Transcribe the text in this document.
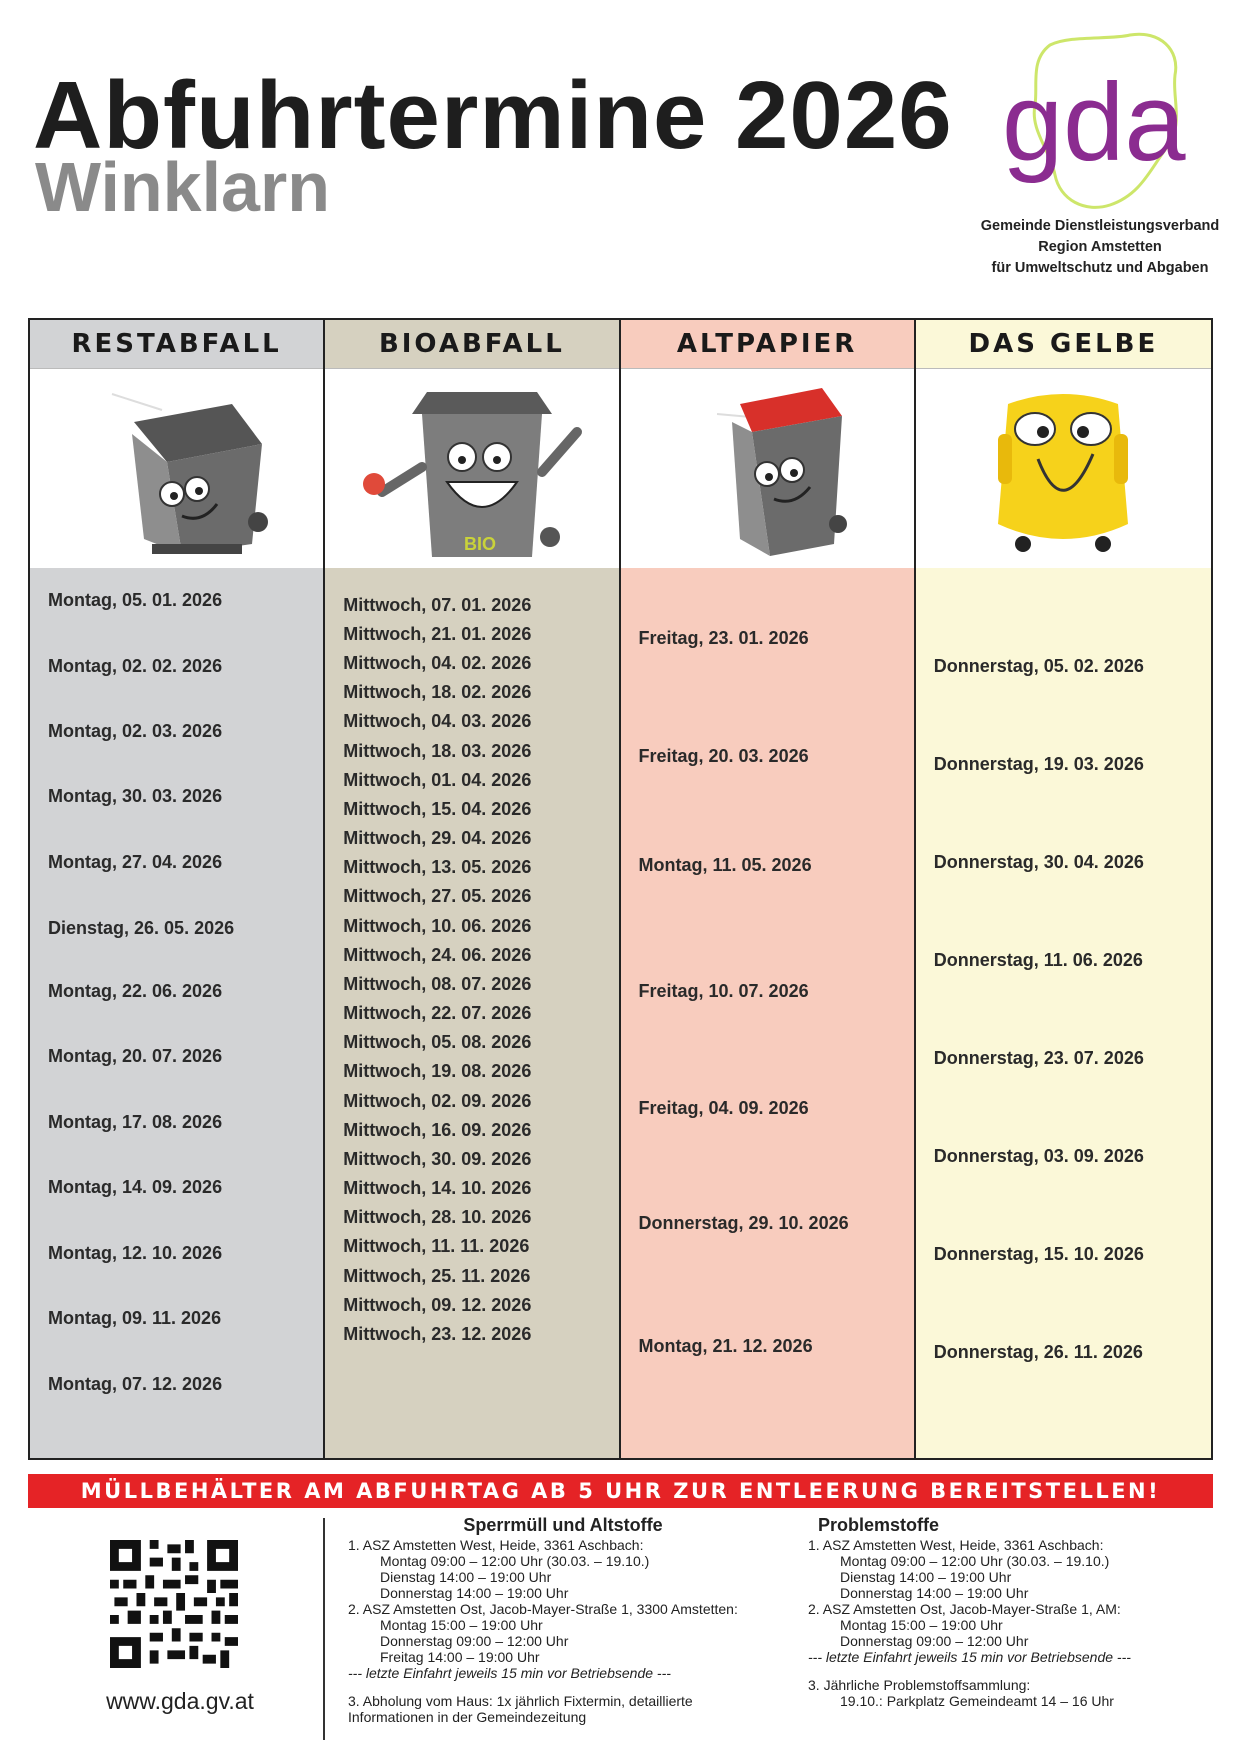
Abfuhrtermine 2026
Winklarn
gda
Gemeinde Dienstleistungsverband
Region Amstetten
für Umweltschutz und Abgaben
RESTABFALL
Montag, 05. 01. 2026
Montag, 02. 02. 2026
Montag, 02. 03. 2026
Montag, 30. 03. 2026
Montag, 27. 04. 2026
Dienstag, 26. 05. 2026
Montag, 22. 06. 2026
Montag, 20. 07. 2026
Montag, 17. 08. 2026
Montag, 14. 09. 2026
Montag, 12. 10. 2026
Montag, 09. 11. 2026
Montag, 07. 12. 2026
BIOABFALL
BIO
Mittwoch, 07. 01. 2026
Mittwoch, 21. 01. 2026
Mittwoch, 04. 02. 2026
Mittwoch, 18. 02. 2026
Mittwoch, 04. 03. 2026
Mittwoch, 18. 03. 2026
Mittwoch, 01. 04. 2026
Mittwoch, 15. 04. 2026
Mittwoch, 29. 04. 2026
Mittwoch, 13. 05. 2026
Mittwoch, 27. 05. 2026
Mittwoch, 10. 06. 2026
Mittwoch, 24. 06. 2026
Mittwoch, 08. 07. 2026
Mittwoch, 22. 07. 2026
Mittwoch, 05. 08. 2026
Mittwoch, 19. 08. 2026
Mittwoch, 02. 09. 2026
Mittwoch, 16. 09. 2026
Mittwoch, 30. 09. 2026
Mittwoch, 14. 10. 2026
Mittwoch, 28. 10. 2026
Mittwoch, 11. 11. 2026
Mittwoch, 25. 11. 2026
Mittwoch, 09. 12. 2026
Mittwoch, 23. 12. 2026
ALTPAPIER
Freitag, 23. 01. 2026
Freitag, 20. 03. 2026
Montag, 11. 05. 2026
Freitag, 10. 07. 2026
Freitag, 04. 09. 2026
Donnerstag, 29. 10. 2026
Montag, 21. 12. 2026
DAS GELBE
Donnerstag, 05. 02. 2026
Donnerstag, 19. 03. 2026
Donnerstag, 30. 04. 2026
Donnerstag, 11. 06. 2026
Donnerstag, 23. 07. 2026
Donnerstag, 03. 09. 2026
Donnerstag, 15. 10. 2026
Donnerstag, 26. 11. 2026
MÜLLBEHÄLTER AM ABFUHRTAG AB 5 UHR ZUR ENTLEERUNG BEREITSTELLEN!
www.gda.gv.at
Sperrmüll und Altstoffe
1. ASZ Amstetten West, Heide, 3361 Aschbach:
Montag 09:00 – 12:00 Uhr (30.03. – 19.10.)
Dienstag 14:00 – 19:00 Uhr
Donnerstag 14:00 – 19:00 Uhr
2. ASZ Amstetten Ost, Jacob-Mayer-Straße 1, 3300 Amstetten:
Montag 15:00 – 19:00 Uhr
Donnerstag 09:00 – 12:00 Uhr
Freitag 14:00 – 19:00 Uhr
--- letzte Einfahrt jeweils 15 min vor Betriebsende ---
3. Abholung vom Haus: 1x jährlich Fixtermin, detaillierte
Informationen in der Gemeindezeitung
Problemstoffe
1. ASZ Amstetten West, Heide, 3361 Aschbach:
Montag 09:00 – 12:00 Uhr (30.03. – 19.10.)
Dienstag 14:00 – 19:00 Uhr
Donnerstag 14:00 – 19:00 Uhr
2. ASZ Amstetten Ost, Jacob-Mayer-Straße 1, AM:
Montag 15:00 – 19:00 Uhr
Donnerstag 09:00 – 12:00 Uhr
--- letzte Einfahrt jeweils 15 min vor Betriebsende ---
3. Jährliche Problemstoffsammlung:
19.10.: Parkplatz Gemeindeamt 14 – 16 Uhr
